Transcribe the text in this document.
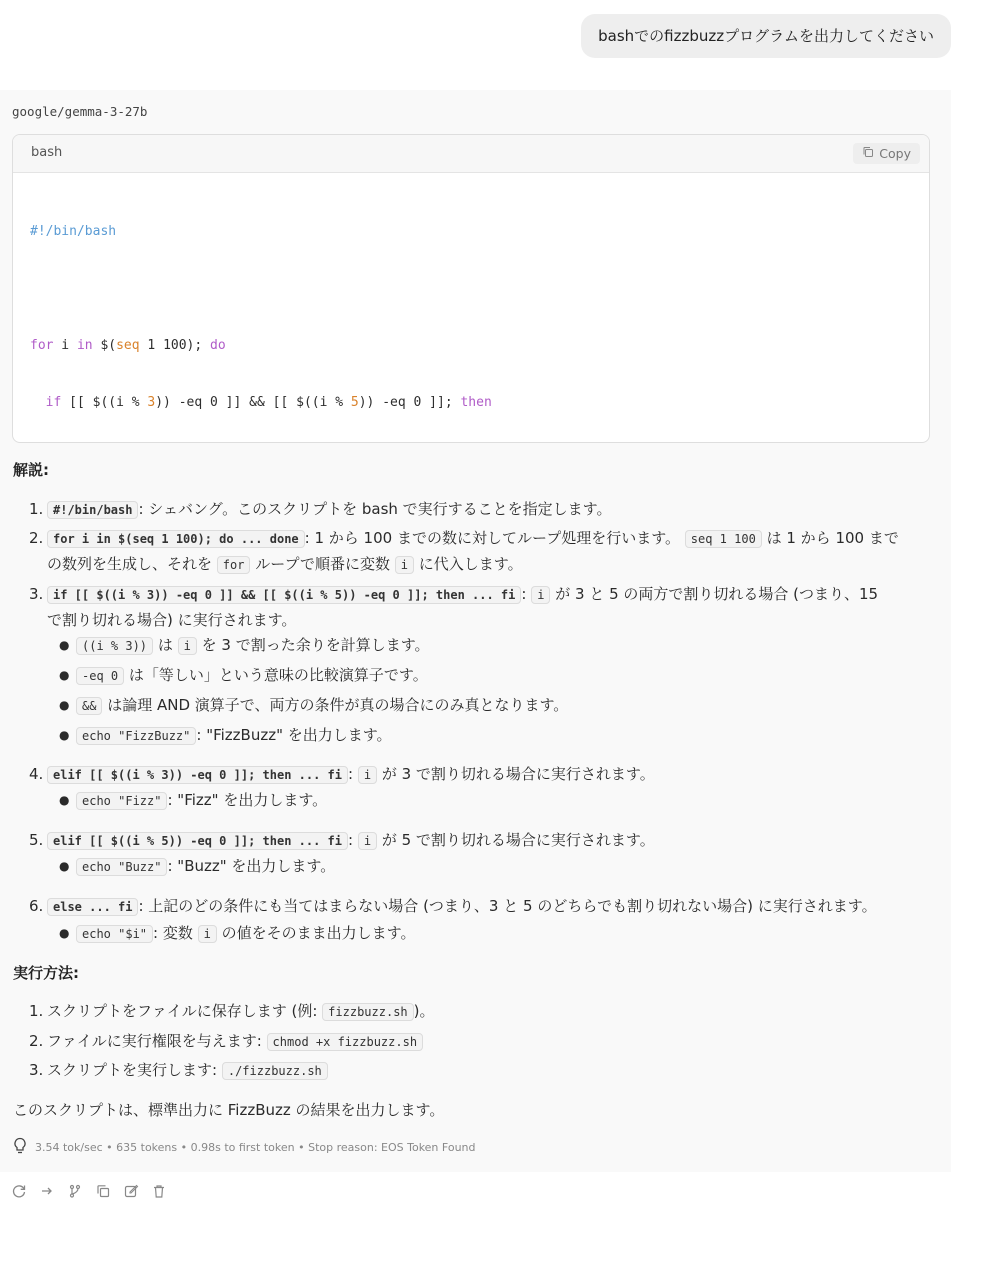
bashでのfizzbuzzプログラムを出力してください
google/gemma-3-27b
bash	Copy

#!/bin/bash

for i in $(seq 1 100); do

if [[ $((i % 3)) -eq 0 ]] && [[ $((i % 5)) -eq 0 ]]; then

解説:
1. #!/bin/bash : シェバング。このスクリプトを bash で実行することを指定します。
2. for i in $(seq 1 100); do ... done : 1 から 100 までの数に対してループ処理を行います。 seq 1 100 は 1 から 100 まで
の数列を生成し、それを for ループで順番に変数 i に代入します。
3. if [[ $((i % 3)) -eq 0 ]] && [[ $((i % 5)) -eq 0 ]]; then ... fi : i が 3 と 5 の両方で割り切れる場合 (つまり、15
で割り切れる場合) に実行されます。
●	((i % 3)) は i を 3 で割った余りを計算します。
●	-eq 0 は「等しい」という意味の比較演算子です。
●	&& は論理 AND 演算子で、両方の条件が真の場合にのみ真となります。
●	echo "FizzBuzz" : "FizzBuzz" を出力します。
4. elif [[ $((i % 3)) -eq 0 ]]; then ... fi : i が 3 で割り切れる場合に実行されます。
●	echo "Fizz" : "Fizz" を出力します。
5. elif [[ $((i % 5)) -eq 0 ]]; then ... fi : i が 5 で割り切れる場合に実行されます。
●	echo "Buzz" : "Buzz" を出力します。
6. else ... fi : 上記のどの条件にも当てはまらない場合 (つまり、3 と 5 のどちらでも割り切れない場合) に実行されます。
●	echo "$i" : 変数 i の値をそのまま出力します。
実行方法:
1. スクリプトをファイルに保存します (例: fizzbuzz.sh )。
2. ファイルに実行権限を与えます: chmod +x fizzbuzz.sh
3. スクリプトを実行します: ./fizzbuzz.sh
このスクリプトは、標準出力に FizzBuzz の結果を出力します。
3.54 tok/sec • 635 tokens • 0.98s to first token • Stop reason: EOS Token Found
